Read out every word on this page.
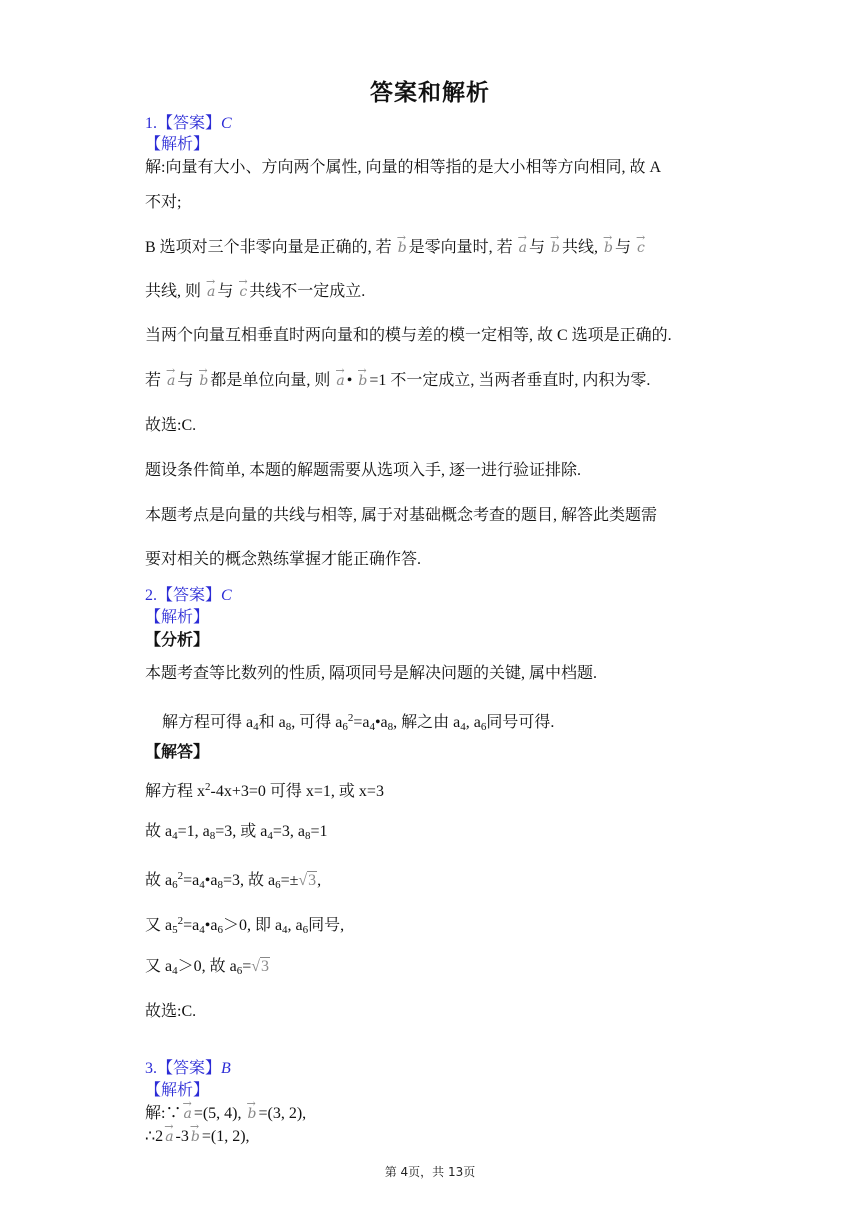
答案和解析
1.【答案】C
【解析】
解:向量有大小、方向两个属性, 向量的相等指的是大小相等方向相同, 故 A
不对;
B 选项对三个非零向量是正确的, 若 → b 是零向量时, 若 → a 与 → b 共线, → b 与 → c
共线, 则 → a 与 → c 共线不一定成立.
当两个向量互相垂直时两向量和的模与差的模一定相等, 故 C 选项是正确的.
若 → a 与 → b 都是单位向量, 则 → a • → b =1 不一定成立, 当两者垂直时, 内积为零.
故选:C.
题设条件简单, 本题的解题需要从选项入手, 逐一进行验证排除.
本题考点是向量的共线与相等, 属于对基础概念考查的题目, 解答此类题需
要对相关的概念熟练掌握才能正确作答.
2.【答案】C
【解析】
【分析】
本题考查等比数列的性质, 隔项同号是解决问题的关键, 属中档题.
解方程可得 $a_4$和 $a_8$, 可得 $a_6^2=a_4•a_8$, 解之由 $a_4$, $a_6$同号可得.
【解答】
解方程 $x^2-4x+3=0$ 可得 x=1, 或 x=3
故 $a_4=1$, $a_8=3$, 或 $a_4=3$, $a_8=1$
故 $a_6^2=a_4•a_8=3$, 故 $a_6=\pm√3$,
又 $a_5^2=a_4•a_6>0$, 即 $a_4$, $a_6$同号,
又 $a_4>0$, 故 $a_6=√3$
故选:C.
3.【答案】B
【解析】
解:∵ → a =(5, 4), → b =(3, 2),
∴2 → a -3 → b =(1, 2),
第 4页，共 13页
